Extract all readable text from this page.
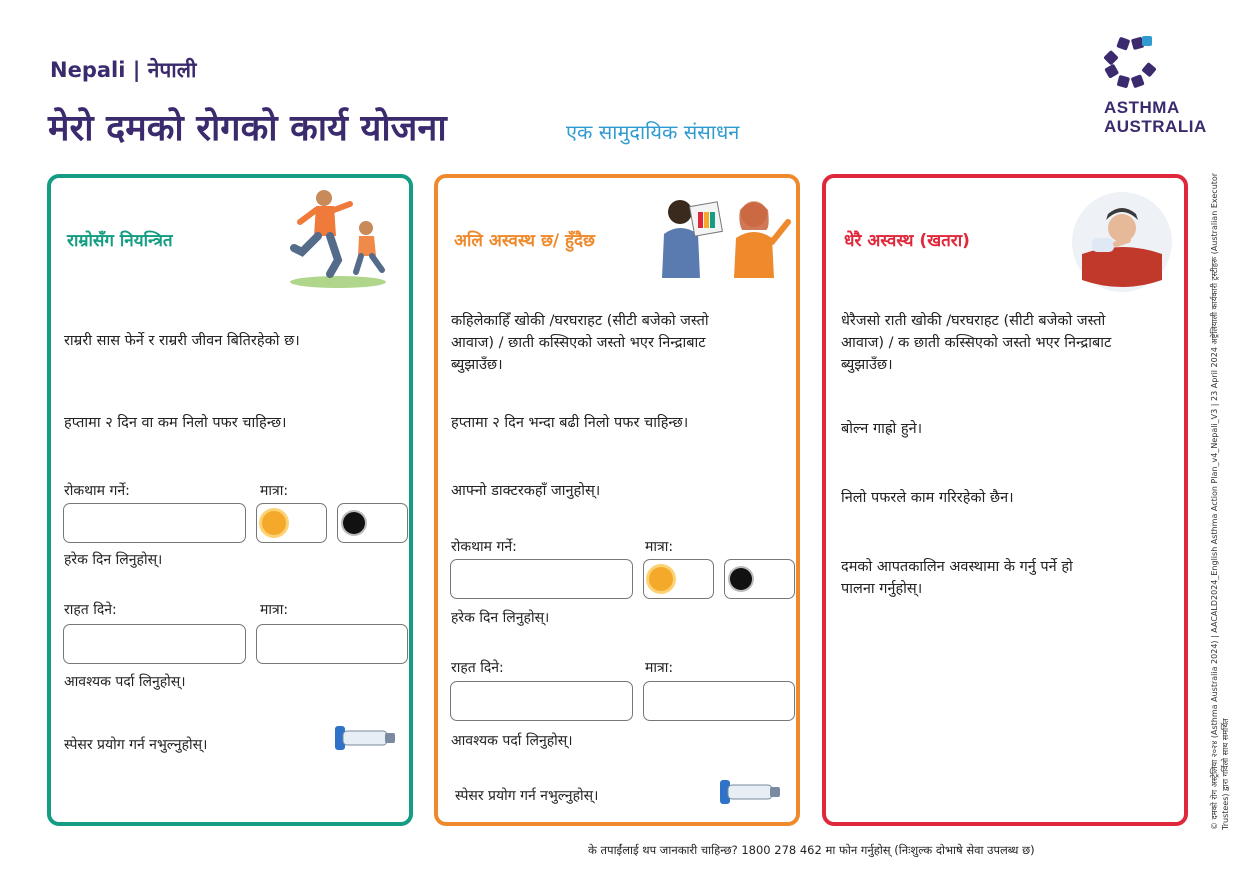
Nepali | नेपाली
मेरो दमको रोगको कार्य योजना	एक सामुदायिक संसाधन
ASTHMA
AUSTRALIA
राम्रोसँग नियन्त्रित
राम्ररी सास फेर्ने र राम्ररी जीवन बितिरहेको छ।
हप्तामा २ दिन वा कम निलो पफर चाहिन्छ।
रोकथाम गर्ने:	मात्रा:
हरेक दिन लिनुहोस्।
राहत दिने:	मात्रा:
आवश्यक पर्दा लिनुहोस्।
स्पेसर प्रयोग गर्न नभुल्नुहोस्।
अलि अस्वस्थ छ/ हुँदैछ
कहिलेकाहिँ खोकी /घरघराहट (सीटी बजेको जस्तो आवाज) / छाती कस्सिएको जस्तो भएर निन्द्राबाट ब्युझाउँछ।
हप्तामा २ दिन भन्दा बढी निलो पफर चाहिन्छ।
आफ्नो डाक्टरकहाँ जानुहोस्।
रोकथाम गर्ने:	मात्रा:
हरेक दिन लिनुहोस्।
राहत दिने:	मात्रा:
आवश्यक पर्दा लिनुहोस्।
स्पेसर प्रयोग गर्न नभुल्नुहोस्।
धेरै अस्वस्थ (खतरा)
धेरैजसो राती खोकी /घरघराहट (सीटी बजेको जस्तो आवाज) / क छाती कस्सिएको जस्तो भएर निन्द्राबाट ब्युझाउँछ।
बोल्न गाह्रो हुने।
निलो पफरले काम गरिरहेको छैन।
दमको आपतकालिन अवस्थामा के गर्नु पर्ने हो पालना गर्नुहोस्।
के तपाईंलाई थप जानकारी चाहिन्छ? 1800 278 462 मा फोन गर्नुहोस् (निःशुल्क दोभाषे सेवा उपलब्ध छ)
© दमको रोग अस्ट्रेलिया २०२४ (Asthma Australia 2024) | AACALD2024_English Asthma Action Plan_v4_Nepali_V3 | 23 April 2024 अष्ट्रेलियाली कार्यकारी ट्रस्टीहरू (Australian Executor Trustees) द्वारा गर्विलो साथ समर्थित
